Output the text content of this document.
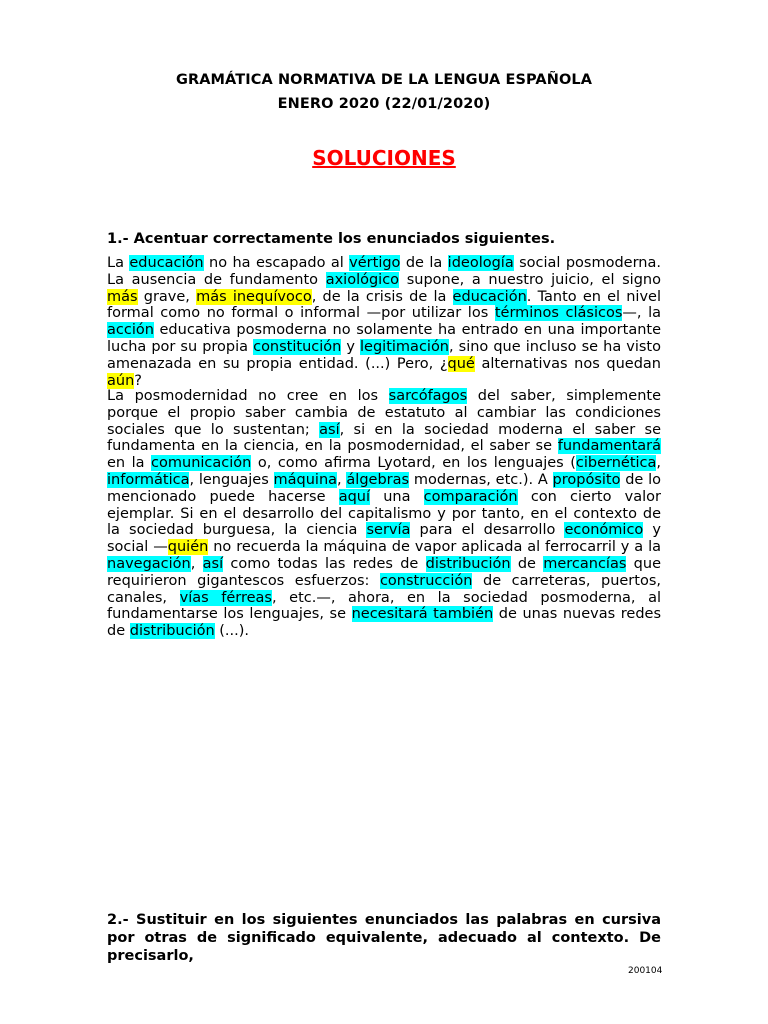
GRAMÁTICA NORMATIVA DE LA LENGUA ESPAÑOLA
ENERO 2020 (22/01/2020)
SOLUCIONES
1.- Acentuar correctamente los enunciados siguientes.
La educación no ha escapado al vértigo de la ideología social posmoderna. La ausencia de fundamento axiológico supone, a nuestro juicio, el signo más grave, más inequívoco, de la crisis de la educación. Tanto en el nivel formal como no formal o informal —por utilizar los términos clásicos—, la acción educativa posmoderna no solamente ha entrado en una importante lucha por su propia constitución y legitimación, sino que incluso se ha visto amenazada en su propia entidad. (...) Pero, ¿qué alternativas nos quedan aún?
La posmodernidad no cree en los sarcófagos del saber, simplemente porque el propio saber cambia de estatuto al cambiar las condiciones sociales que lo sustentan; así, si en la sociedad moderna el saber se fundamenta en la ciencia, en la posmodernidad, el saber se fundamentará en la comunicación o, como afirma Lyotard, en los lenguajes (cibernética, informática, lenguajes máquina, álgebras modernas, etc.). A propósito de lo mencionado puede hacerse aquí una comparación con cierto valor ejemplar. Si en el desarrollo del capitalismo y por tanto, en el contexto de la sociedad burguesa, la ciencia servía para el desarrollo económico y social —quién no recuerda la máquina de vapor aplicada al ferrocarril y a la navegación, así como todas las redes de distribución de mercancías que requirieron gigantescos esfuerzos: construcción de carreteras, puertos, canales, vías férreas, etc.—, ahora, en la sociedad posmoderna, al fundamentarse los lenguajes, se necesitará también de unas nuevas redes de distribución (...).
2.- Sustituir en los siguientes enunciados las palabras en cursiva por otras de significado equivalente, adecuado al contexto. De precisarlo,
200104
